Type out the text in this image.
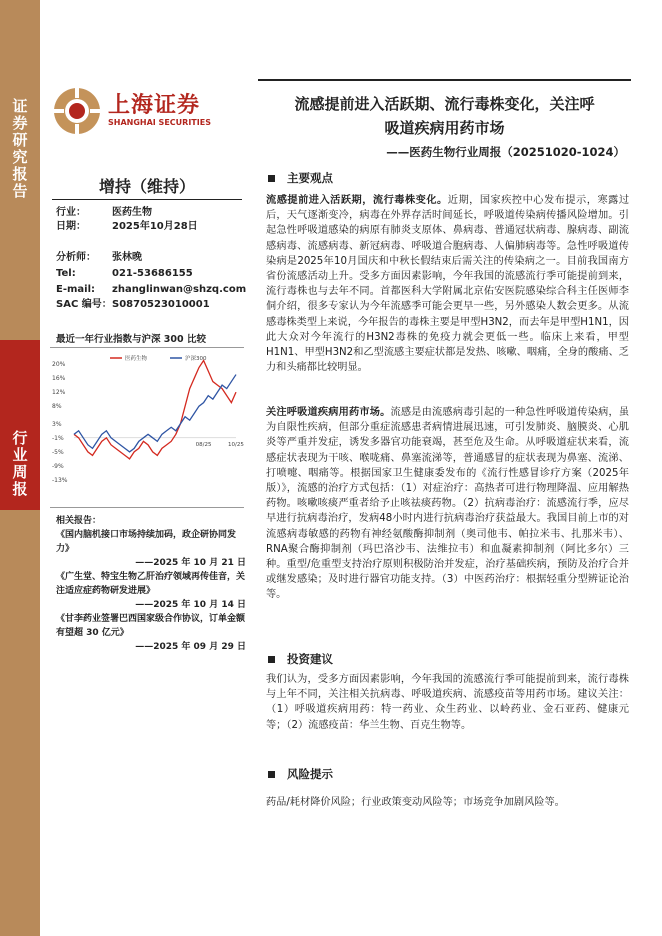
证券研究报告
行业周报
上海证券
SHANGHAI SECURITIES
流感提前进入活跃期、流行毒株变化，关注呼
吸道疾病用药市场
——医药生物行业周报（20251020-1024）
增持（维持）
行业：	医药生物
日期：	2025年10月28日
分析师： 张林晚
Tel:	021-53686155
E-mail: zhanglinwan@shzq.com
SAC 编号：S0870523010001
最近一年行业指数与沪深 300 比较
20%
16%
12%
8%
3%
-1%
-5%
-9%
-13%
08/25	10/25
医药生物	沪深300
相关报告：
《国内脑机接口市场持续加码，政企研协同发力》
——2025 年 10 月 21 日
《广生堂、特宝生物乙肝治疗领域再传佳音，关注适应症药物研发进展》
——2025 年 10 月 14 日
《甘李药业签署巴西国家级合作协议，订单金额有望超 30 亿元》
——2025 年 09 月 29 日
主要观点
流感提前进入活跃期，流行毒株变化。近期，国家疾控中心发布提示，寒露过后，天气逐渐变冷，病毒在外界存活时间延长，呼吸道传染病传播风险增加。引起急性呼吸道感染的病原有肺炎支原体、鼻病毒、普通冠状病毒、腺病毒、副流感病毒、流感病毒、新冠病毒、呼吸道合胞病毒、人偏肺病毒等。急性呼吸道传染病是2025年10月国庆和中秋长假结束后需关注的传染病之一。目前我国南方省份流感活动上升。受多方面因素影响，今年我国的流感流行季可能提前到来，流行毒株也与去年不同。首都医科大学附属北京佑安医院感染综合科主任医师李侗介绍，很多专家认为今年流感季可能会更早一些，另外感染人数会更多。从流感毒株类型上来说，今年报告的毒株主要是甲型H3N2，而去年是甲型H1N1，因此大众对今年流行的H3N2毒株的免疫力就会更低一些。临床上来看，甲型H1N1、甲型H3N2和乙型流感主要症状都是发热、咳嗽、咽痛，全身的酸痛、乏力和头痛都比较明显。
关注呼吸道疾病用药市场。流感是由流感病毒引起的一种急性呼吸道传染病，虽为自限性疾病，但部分重症流感患者病情进展迅速，可引发肺炎、脑膜炎、心肌炎等严重并发症，诱发多器官功能衰竭，甚至危及生命。从呼吸道症状来看，流感症状表现为干咳、喉咙痛、鼻塞流涕等，普通感冒的症状表现为鼻塞、流涕、打喷嚏、咽痛等。根据国家卫生健康委发布的《流行性感冒诊疗方案（2025年版）》，流感的治疗方式包括：（1）对症治疗：高热者可进行物理降温、应用解热药物。咳嗽咳痰严重者给予止咳祛痰药物。（2）抗病毒治疗：流感流行季，应尽早进行抗病毒治疗，发病48小时内进行抗病毒治疗获益最大。我国目前上市的对流感病毒敏感的药物有神经氨酸酶抑制剂（奥司他韦、帕拉米韦、扎那米韦）、RNA聚合酶抑制剂（玛巴洛沙韦、法维拉韦）和血凝素抑制剂（阿比多尔）三种。重型/危重型支持治疗原则积极防治并发症，治疗基础疾病，预防及治疗合并或继发感染；及时进行器官功能支持。（3）中医药治疗：根据轻重分型辨证论治等。
投资建议
我们认为，受多方面因素影响，今年我国的流感流行季可能提前到来，流行毒株与上年不同，关注相关抗病毒、呼吸道疾病、流感疫苗等用药市场。建议关注：（1）呼吸道疾病用药：特一药业、众生药业、以岭药业、金石亚药、健康元等；（2）流感疫苗：华兰生物、百克生物等。
风险提示
药品/耗材降价风险；行业政策变动风险等；市场竞争加剧风险等。
